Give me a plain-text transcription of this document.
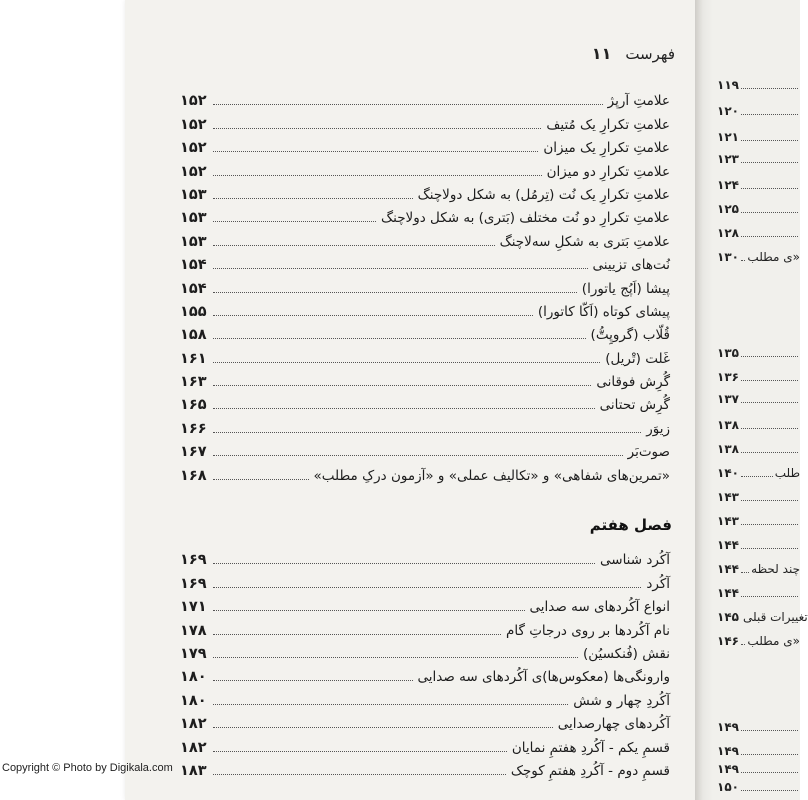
فهرست
۱۱
علامتِ آرپژ
۱۵۲
علامتِ تکرارِ یک مُتیف
۱۵۲
علامتِ تکرارِ یک میزان
۱۵۲
علامتِ تکرارِ دو میزان
۱۵۲
علامتِ تکرارِ یک نُت (تِرمُل) به شکل دولاچنگ
۱۵۳
علامتِ تکرارِ دو نُت مختلف (بَتری) به شکل دولاچنگ
۱۵۳
علامتِ بَتری به شکلِ سه‌لاچنگ
۱۵۳
نُت‌های تزیینی
۱۵۴
پیشا (اَپُج یاتورا)
۱۵۴
پیشای کوتاه (اَکّا کاتورا)
۱۵۵
قُلّاب (گروپِتُّ)
۱۵۸
غَلت (تْریل)
۱۶۱
گُرِش فوقانی
۱۶۳
گُرِش تحتانی
۱۶۵
زیوَر
۱۶۶
صوت‌بَر
۱۶۷
«تمرین‌های شفاهی» و «تکالیف عملی» و «آزمون درکِ مطلب»
۱۶۸
فصل هفتم
آکُرد شناسی
۱۶۹
آکُرد
۱۶۹
انواع آکُردهای سه صدایی
۱۷۱
نام آکُردها بر روی درجاتِ گام
۱۷۸
نقش (فُنکسیُن)
۱۷۹
وارونگی‌ها (معکوس‌ها)ی آکُردهای سه صدایی
۱۸۰
آکُردِ چهار و شش
۱۸۰
آکُردهای چهارصدایی
۱۸۲
قسمِ یکم - آکُردِ هفتمِ نمایان
۱۸۲
قسمِ دوم - آکُردِ هفتمِ کوچک
۱۸۳
۱۱۹
۱۲۰
۱۲۱
۱۲۳
۱۲۴
۱۲۵
۱۲۸
۱۳۰ ی مطلب»
۱۳۵
۱۳۶
۱۳۷
۱۳۸
۱۳۸
۱۴۰	طلب
۱۴۳
۱۴۳
۱۴۴
۱۴۴ چند لحظه
۱۴۴
۱۴۵ تغییرات قبلی
۱۴۶ ی مطلب»
۱۴۹
۱۴۹
۱۴۹
۱۵۰
Copyright © Photo by Digikala.com
